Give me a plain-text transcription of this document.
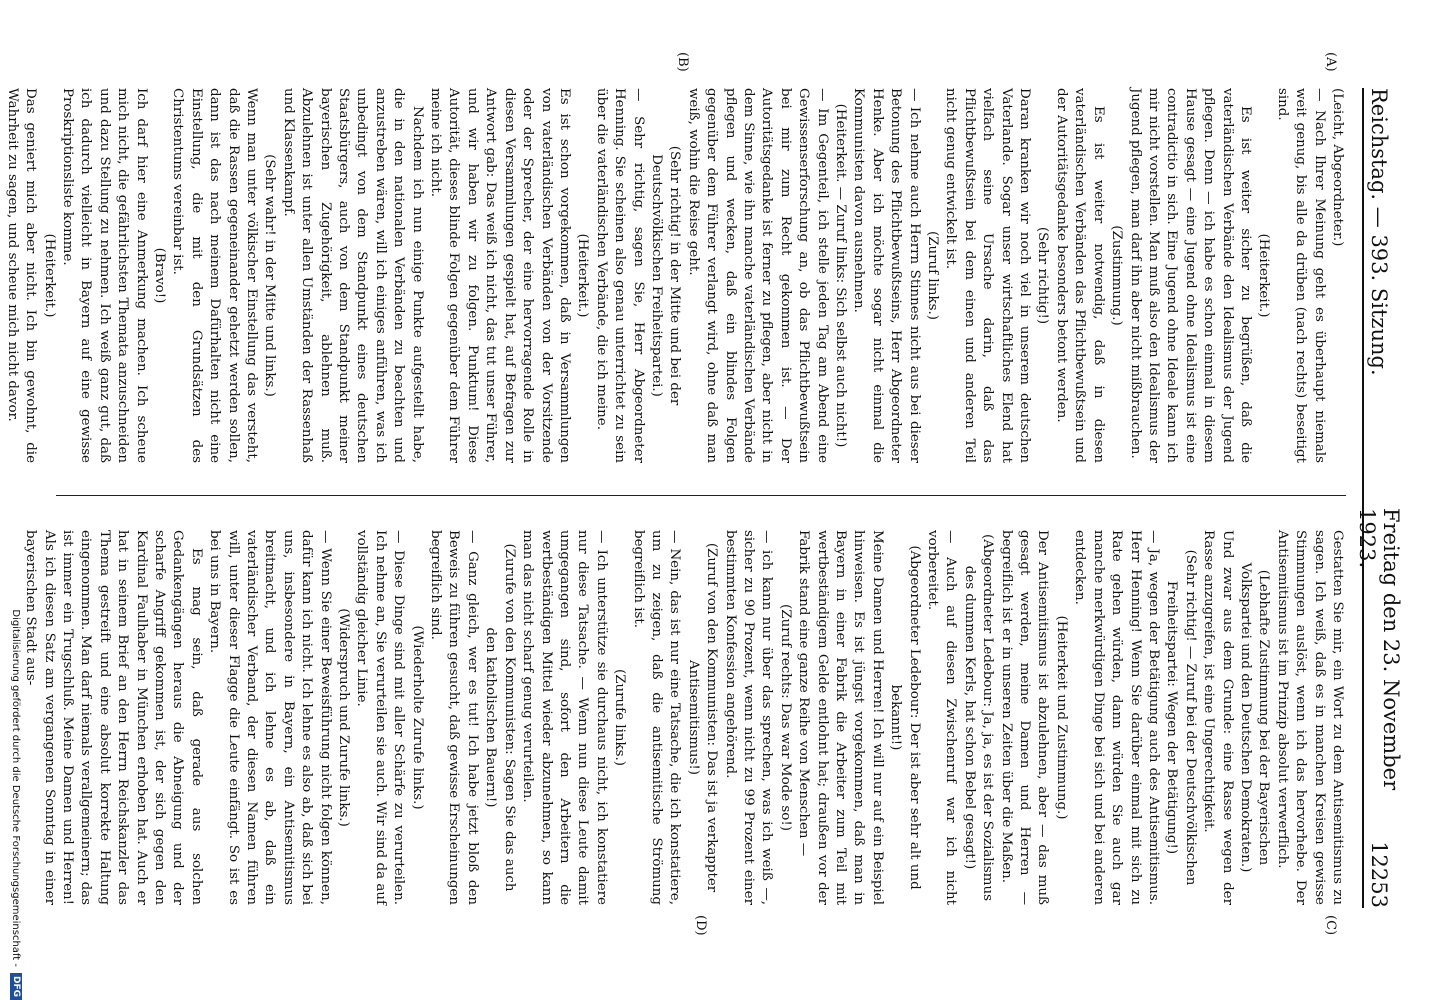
Reichstag. — 393. Sitzung.
Freitag den 23. November 1923.
12253
(A)
(B)
(C)
(D)

(Leicht, Abgeordneter.)

— Nach Ihrer Meinung geht es überhaupt niemals weit genug, bis alle da drüben (nach rechts) beseitigt sind.

(Heiterkeit.)

Es ist weiter sicher zu begrüßen, daß die vaterländischen Verbände den Idealismus der Jugend pflegen. Denn — ich habe es schon einmal in diesem Hause gesagt — eine Jugend ohne Idealismus ist eine contradictio in sich. Eine Jugend ohne Ideale kann ich mir nicht vorstellen. Man muß also den Idealismus der Jugend pflegen, man darf ihn aber nicht mißbrauchen.

(Zustimmung.)

Es ist weiter notwendig, daß in diesen vaterländischen Verbänden das Pflichtbewußtsein und der Autoritätsgedanke besonders betont werden.

(Sehr richtig!)

Daran kranken wir noch viel in unserem deutschen Vaterlande. Sogar unser wirtschaftliches Elend hat vielfach seine Ursache darin, daß das Pflichtbewußtsein bei dem einen und anderen Teil nicht genug entwickelt ist.

(Zuruf links.)

— Ich nehme auch Herrn Stinnes nicht aus bei dieser Betonung des Pflichtbewußtseins, Herr Abgeordneter Henke. Aber ich möchte sogar nicht einmal die Kommunisten davon ausnehmen.

(Heiterkeit. — Zuruf links: Sich selbst auch nicht!)

— Im Gegenteil, ich stelle jeden Tag am Abend eine Gewissenserforschung an, ob das Pflichtbewußtsein bei mir zum Recht gekommen ist. — Der Autoritätsgedanke ist ferner zu pflegen, aber nicht in dem Sinne, wie ihn manche vaterländischen Verbände pflegen und wecken, daß ein blindes Folgen gegenüber dem Führer verlangt wird, ohne daß man weiß, wohin die Reise geht.

(Sehr richtig! in der Mitte und bei der Deutschvölkischen Freiheitspartei.)

— Sehr richtig, sagen Sie, Herr Abgeordneter Henning. Sie scheinen also genau unterrichtet zu sein über die vaterländischen Verbände, die ich meine.

(Heiterkeit.)

Es ist schon vorgekommen, daß in Versammlungen von vaterländischen Verbänden von der Vorsitzende oder der Sprecher, der eine hervorragende Rolle in diesen Versammlungen gespielt hat, auf Befragen zur Antwort gab: Das weiß ich nicht, das tut unser Führer, und wir haben wir zu folgen. Punktum! Diese Autorität, dieses blinde Folgen gegenüber dem Führer meine ich nicht.

Nachdem ich nun einige Punkte aufgestellt habe, die in den nationalen Verbänden zu beachten und anzustreben wären, will ich einiges anführen, was ich unbedingt von dem Standpunkt eines deutschen Staatsbürgers, auch von dem Standpunkt meiner bayerischen Zugehörigkeit, ablehnen muß. Abzulehnen ist unter allen Umständen der Rassenhaß und Klassenkampf.

(Sehr wahr! in der Mitte und links.)

Wenn man unter völkischer Einstellung das versteht, daß die Rassen gegeneinander gehetzt werden sollen, dann ist das nach meinem Dafürhalten nicht eine Einstellung, die mit den Grundsätzen des Christentums vereinbar ist.

(Bravo!)

Ich darf hier eine Anmerkung machen. Ich scheue mich nicht, die gefährlichsten Themata anzuschneiden und dazu Stellung zu nehmen. Ich weiß ganz gut, daß ich dadurch vielleicht in Bayern auf eine gewisse Proskriptionsliste komme.

(Heiterkeit.)

Das geniert mich aber nicht. Ich bin gewohnt, die Wahrheit zu sagen, und scheue mich nicht davor.

Gestatten Sie mir, ein Wort zu dem Antisemitismus zu sagen. Ich weiß, daß es in manchen Kreisen gewisse Stimmungen auslöst, wenn ich das hervorhebe. Der Antisemitismus ist im Prinzip absolut verwerflich.

(Lebhafte Zustimmung bei der Bayerischen Volkspartei und den Deutschen Demokraten.)

Und zwar aus dem Grunde: eine Rasse wegen der Rasse anzugreifen, ist eine Ungerechtigkeit.

(Sehr richtig! — Zuruf bei der Deutschvölkischen Freiheitspartei: Wegen der Betätigung!)

— Ja, wegen der Betätigung auch des Antisemitismus. Herr Henning! Wenn Sie darüber einmal mit sich zu Rate gehen würden, dann würden Sie auch gar manche merkwürdigen Dinge bei sich und bei anderen entdecken.

(Heiterkeit und Zustimmung.)

Der Antisemitismus ist abzulehnen, aber — das muß gesagt werden, meine Damen und Herren — begreiflich ist er in unseren Zeiten über die Maßen.

(Abgeordneter Ledebour: Ja, ja, es ist der Sozialismus des dummen Kerls, hat schon Bebel gesagt!)

— Auch auf diesen Zwischenruf war ich nicht vorbereitet.

(Abgeordneter Ledebour: Der ist aber sehr alt und bekannt!)

Meine Damen und Herren! Ich will nur auf ein Beispiel hinweisen. Es ist jüngst vorgekommen, daß man in Bayern in einer Fabrik die Arbeiter zum Teil mit wertbeständigem Gelde entlohnt hat; draußen vor der Fabrik stand eine ganze Reihe von Menschen —

(Zuruf rechts: Das war Mode so!)

— ich kann nur über das sprechen, was ich weiß —, sicher zu 90 Prozent, wenn nicht zu 99 Prozent einer bestimmten Konfession angehörend.

(Zuruf von den Kommunisten: Das ist ja verkappter Antisemitismus!)

— Nein, das ist nur eine Tatsache, die ich konstatiere, um zu zeigen, daß die antisemitische Strömung begreiflich ist.

(Zurufe links.)

— Ich unterstütze sie durchaus nicht, ich konstatiere nur diese Tatsache. — Wenn nun diese Leute damit umgegangen sind, sofort den Arbeitern die wertbeständigen Mittel wieder abzunehmen, so kann man das nicht scharf genug verurteilen.

(Zurufe von den Kommunisten: Sagen Sie das auch den katholischen Bauern!)

— Ganz gleich, wer es tut! Ich habe jetzt bloß den Beweis zu führen gesucht, daß gewisse Erscheinungen begreiflich sind.

(Wiederholte Zurufe links.)

— Diese Dinge sind mit aller Schärfe zu verurteilen. Ich nehme an, Sie verurteilen sie auch. Wir sind da auf vollständig gleicher Linie.

(Widerspruch und Zurufe links.)

— Wenn Sie einer Beweisführung nicht folgen können, dafür kann ich nicht. Ich lehne es also ab, daß sich bei uns, insbesondere in Bayern, ein Antisemitismus breitmacht, und ich lehne es ab, daß ein vaterländischer Verband, der diesen Namen führen will, unter dieser Flagge die Leute einfängt. So ist es bei uns in Bayern.

Es mag sein, daß gerade aus solchen Gedankengängen heraus die Abneigung und der scharfe Angriff gekommen ist, der sich gegen den Kardinal Faulhaber in München erhoben hat. Auch er hat in seinem Brief an den Herrn Reichskanzler das Thema gestreift und eine absolut korrekte Haltung eingenommen. Man darf niemals verallgemeinern; das ist immer ein Trugschluß. Meine Damen und Herren! Als ich diesen Satz am vergangenen Sonntag in einer bayerischen Stadt aus-

Digitalisierung gefördert durch die Deutsche Forschungsgemeinschaft -
DFG
